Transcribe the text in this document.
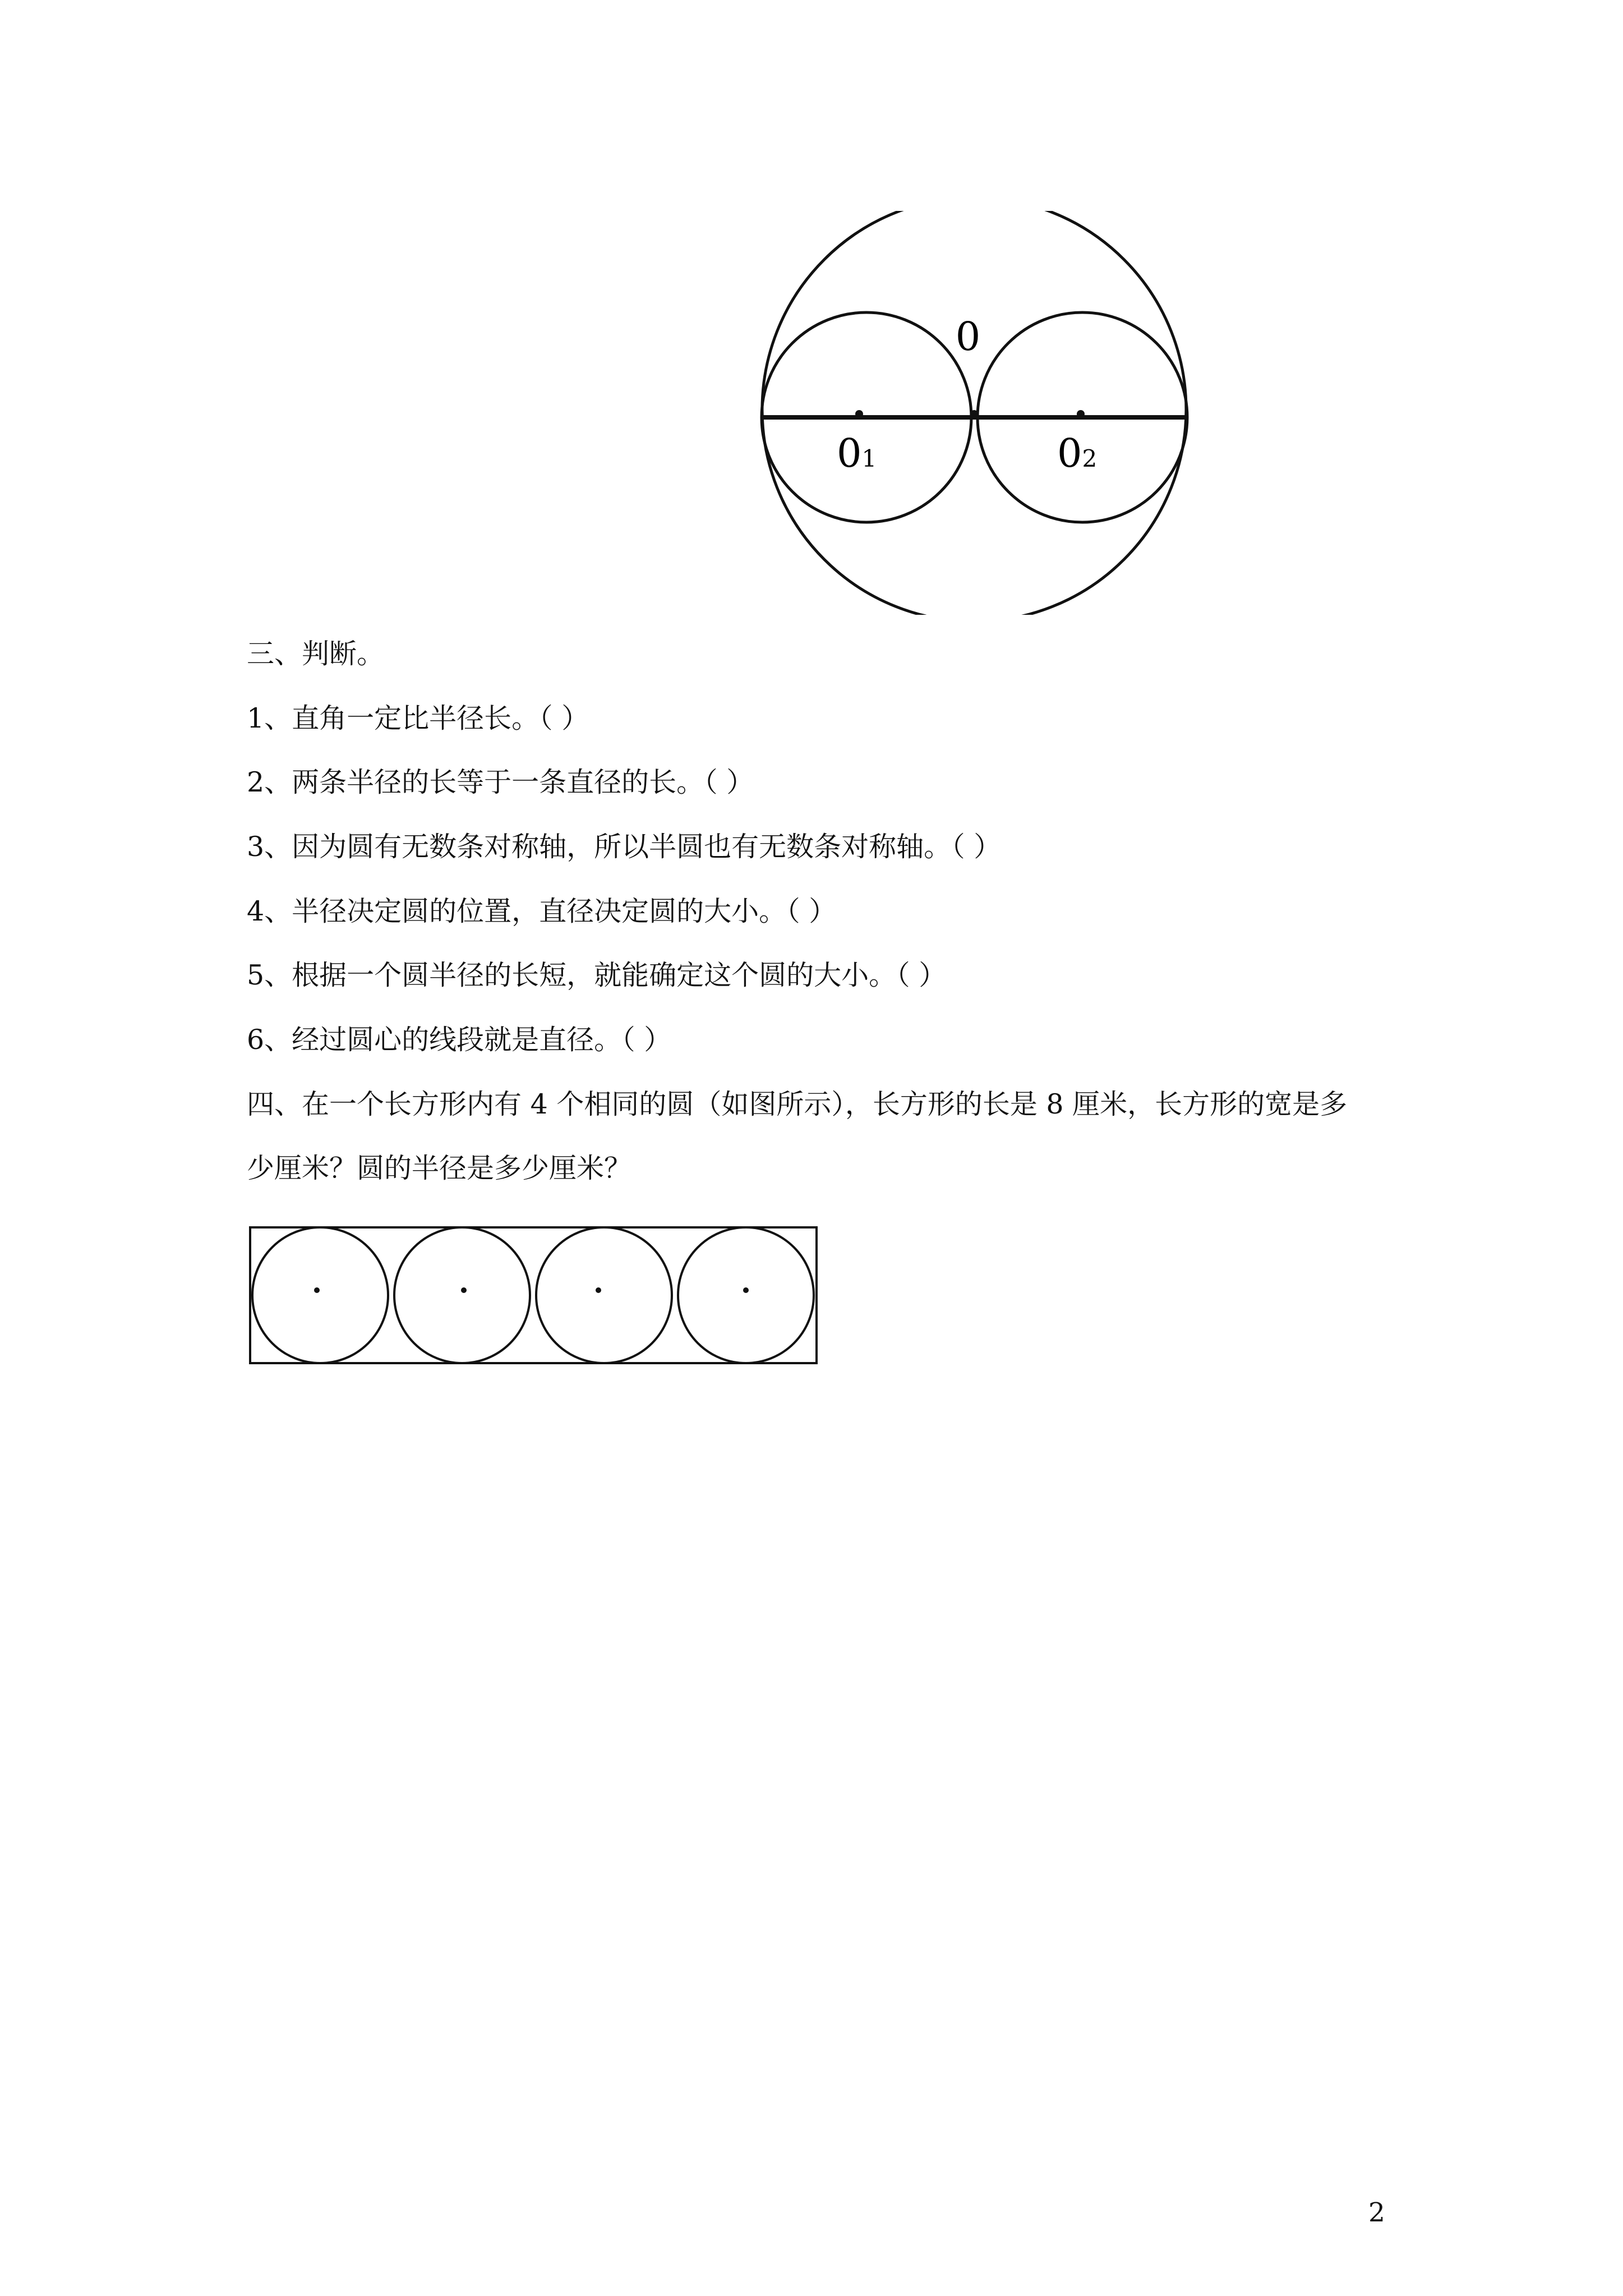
0
01	02
三、判断。
1、直角一定比半径长。（ ）
2、两条半径的长等于一条直径的长。（ ）
3、因为圆有无数条对称轴，所以半圆也有无数条对称轴。（ ）
4、半径决定圆的位置，直径决定圆的大小。（ ）
5、根据一个圆半径的长短，就能确定这个圆的大小。（ ）
6、经过圆心的线段就是直径。（ ）
四、在一个长方形内有 4 个相同的圆（如图所示），长方形的长是 8 厘米，长方形的宽是多
少厘米？圆的半径是多少厘米？
2
